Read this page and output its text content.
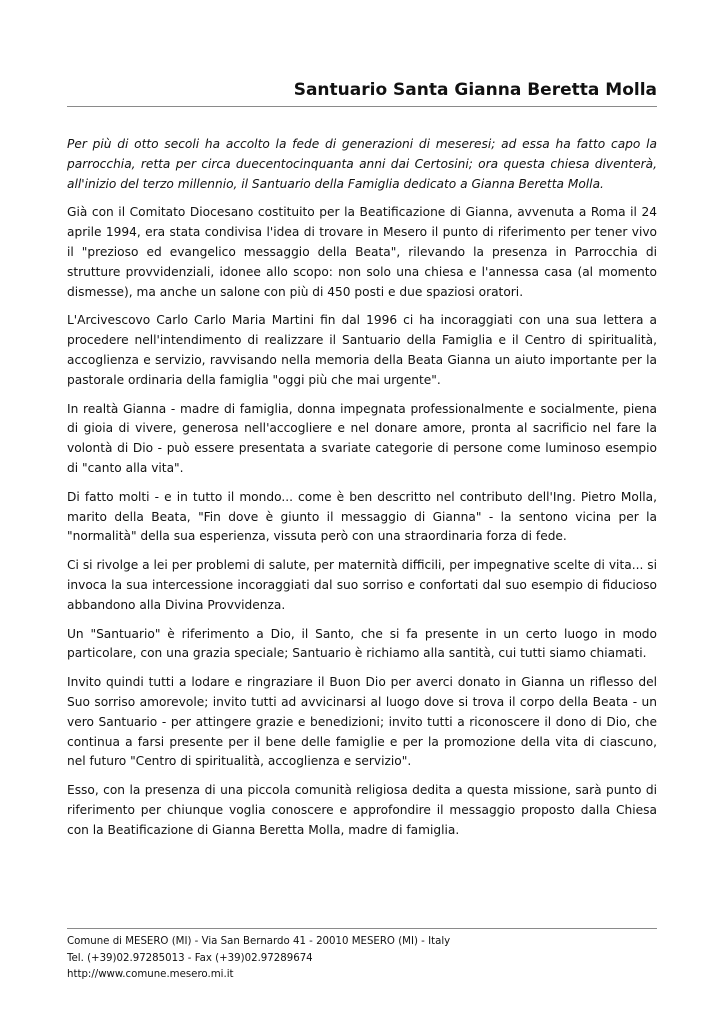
Santuario Santa Gianna Beretta Molla

Per più di otto secoli ha accolto la fede di generazioni di meseresi; ad essa ha fatto capo la parrocchia, retta per circa duecentocinquanta anni dai Certosini; ora questa chiesa diventerà, all'inizio del terzo millennio, il Santuario della Famiglia dedicato a Gianna Beretta Molla.

Già con il Comitato Diocesano costituito per la Beatificazione di Gianna, avvenuta a Roma il 24 aprile 1994, era stata condivisa l'idea di trovare in Mesero il punto di riferimento per tener vivo il "prezioso ed evangelico messaggio della Beata", rilevando la presenza in Parrocchia di strutture provvidenziali, idonee allo scopo: non solo una chiesa e l'annessa casa (al momento dismesse), ma anche un salone con più di 450 posti e due spaziosi oratori.

L'Arcivescovo Carlo Carlo Maria Martini fin dal 1996 ci ha incoraggiati con una sua lettera a procedere nell'intendimento di realizzare il Santuario della Famiglia e il Centro di spiritualità, accoglienza e servizio, ravvisando nella memoria della Beata Gianna un aiuto importante per la pastorale ordinaria della famiglia "oggi più che mai urgente".

In realtà Gianna - madre di famiglia, donna impegnata professionalmente e socialmente, piena di gioia di vivere, generosa nell'accogliere e nel donare amore, pronta al sacrificio nel fare la volontà di Dio - può essere presentata a svariate categorie di persone come luminoso esempio di "canto alla vita".

Di fatto molti - e in tutto il mondo... come è ben descritto nel contributo dell'Ing. Pietro Molla, marito della Beata, "Fin dove è giunto il messaggio di Gianna" - la sentono vicina per la "normalità" della sua esperienza, vissuta però con una straordinaria forza di fede.

Ci si rivolge a lei per problemi di salute, per maternità difficili, per impegnative scelte di vita... si invoca la sua intercessione incoraggiati dal suo sorriso e confortati dal suo esempio di fiducioso abbandono alla Divina Provvidenza.

Un "Santuario" è riferimento a Dio, il Santo, che si fa presente in un certo luogo in modo particolare, con una grazia speciale; Santuario è richiamo alla santità, cui tutti siamo chiamati.

Invito quindi tutti a lodare e ringraziare il Buon Dio per averci donato in Gianna un riflesso del Suo sorriso amorevole; invito tutti ad avvicinarsi al luogo dove si trova il corpo della Beata - un vero Santuario - per attingere grazie e benedizioni; invito tutti a riconoscere il dono di Dio, che continua a farsi presente per il bene delle famiglie e per la promozione della vita di ciascuno, nel futuro "Centro di spiritualità, accoglienza e servizio".

Esso, con la presenza di una piccola comunità religiosa dedita a questa missione, sarà punto di riferimento per chiunque voglia conoscere e approfondire il messaggio proposto dalla Chiesa con la Beatificazione di Gianna Beretta Molla, madre di famiglia.

Comune di MESERO (MI) - Via San Bernardo 41 - 20010 MESERO (MI) - Italy
Tel. (+39)02.97285013 - Fax (+39)02.97289674
http://www.comune.mesero.mi.it
